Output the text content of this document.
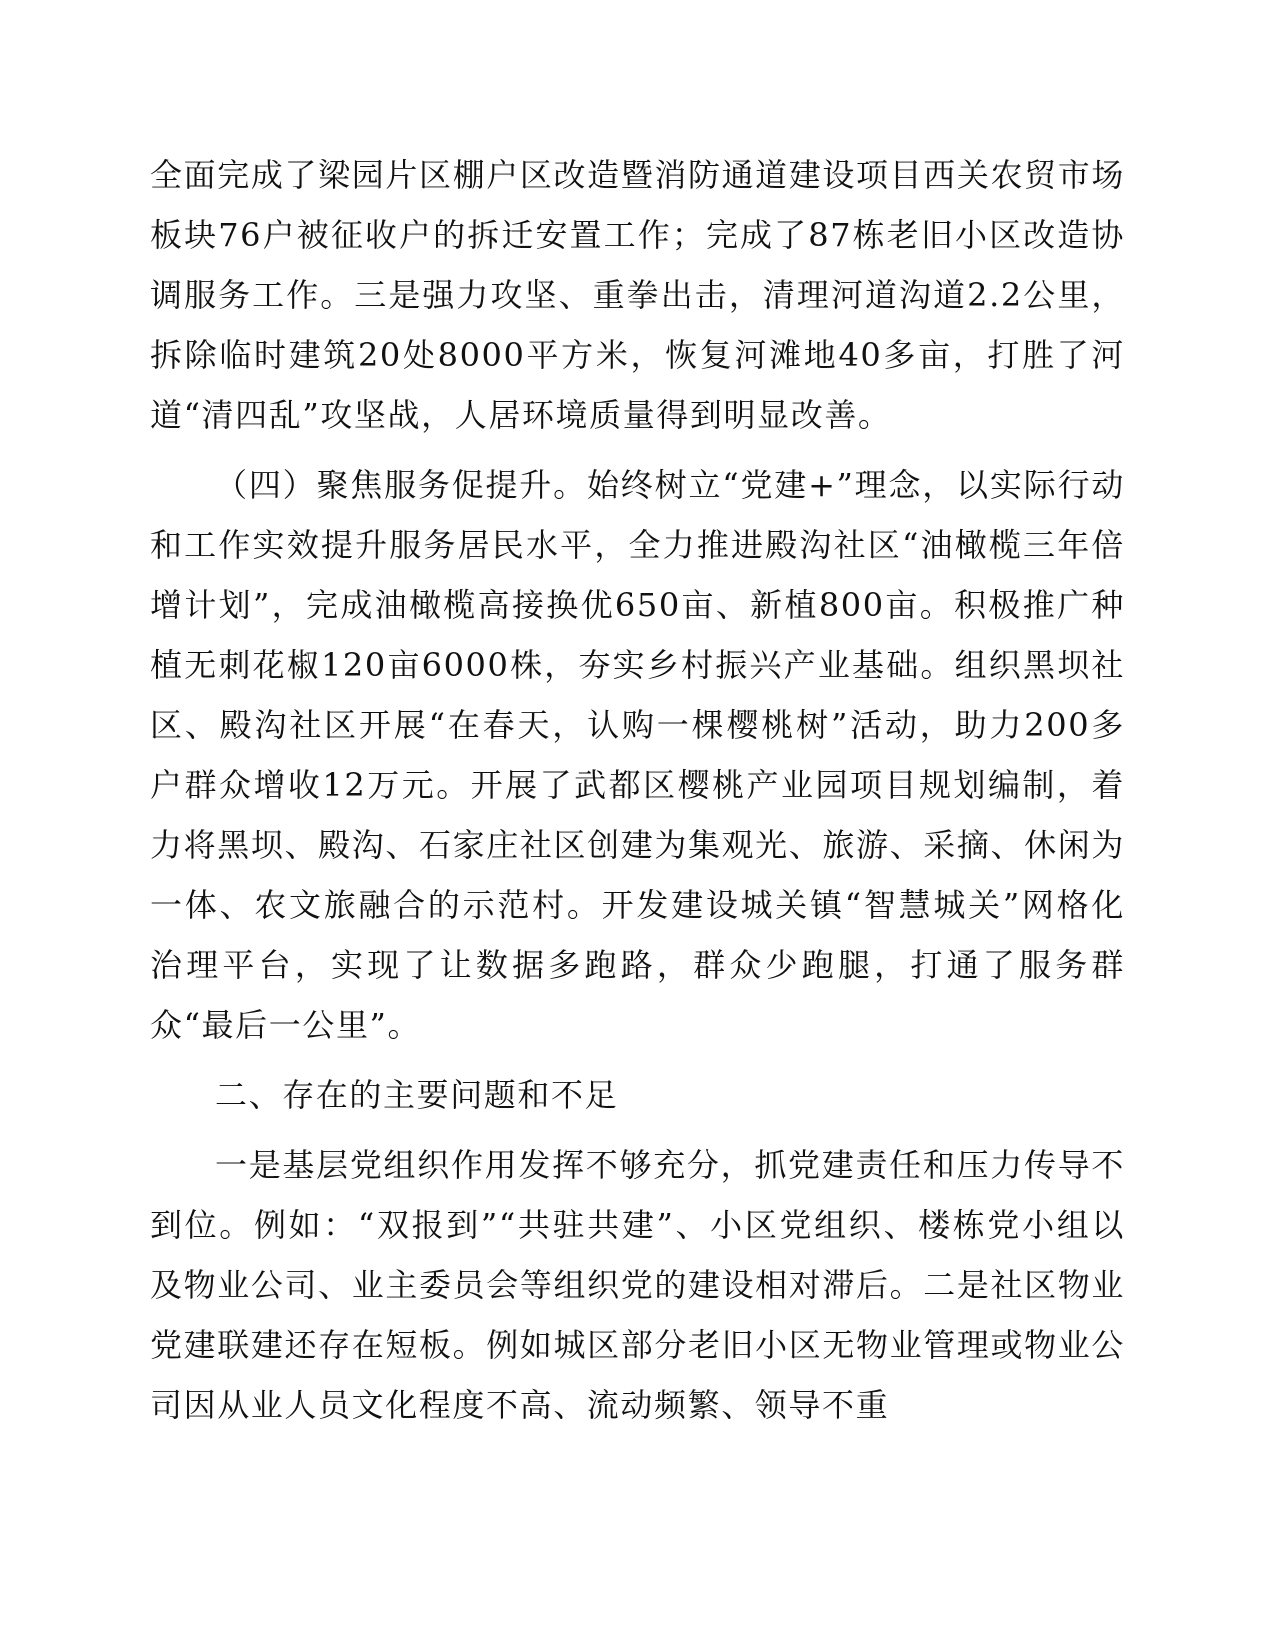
全面完成了梁园片区棚户区改造暨消防通道建设项目西关农贸市场板块76户被征收户的拆迁安置工作；完成了87栋老旧小区改造协调服务工作。三是强力攻坚、重拳出击，清理河道沟道2.2公里，拆除临时建筑20处8000平方米，恢复河滩地40多亩，打胜了河道“清四乱”攻坚战，人居环境质量得到明显改善。

（四）聚焦服务促提升。始终树立“党建+”理念，以实际行动和工作实效提升服务居民水平，全力推进殿沟社区“油橄榄三年倍增计划”，完成油橄榄高接换优650亩、新植800亩。积极推广种植无刺花椒120亩6000株，夯实乡村振兴产业基础。组织黑坝社区、殿沟社区开展“在春天，认购一棵樱桃树”活动，助力200多户群众增收12万元。开展了武都区樱桃产业园项目规划编制，着力将黑坝、殿沟、石家庄社区创建为集观光、旅游、采摘、休闲为一体、农文旅融合的示范村。开发建设城关镇“智慧城关”网格化治理平台，实现了让数据多跑路，群众少跑腿，打通了服务群众“最后一公里”。

二、存在的主要问题和不足

一是基层党组织作用发挥不够充分，抓党建责任和压力传导不到位。例如：“双报到”“共驻共建”、小区党组织、楼栋党小组以及物业公司、业主委员会等组织党的建设相对滞后。二是社区物业党建联建还存在短板。例如城区部分老旧小区无物业管理或物业公司因从业人员文化程度不高、流动频繁、领导不重
